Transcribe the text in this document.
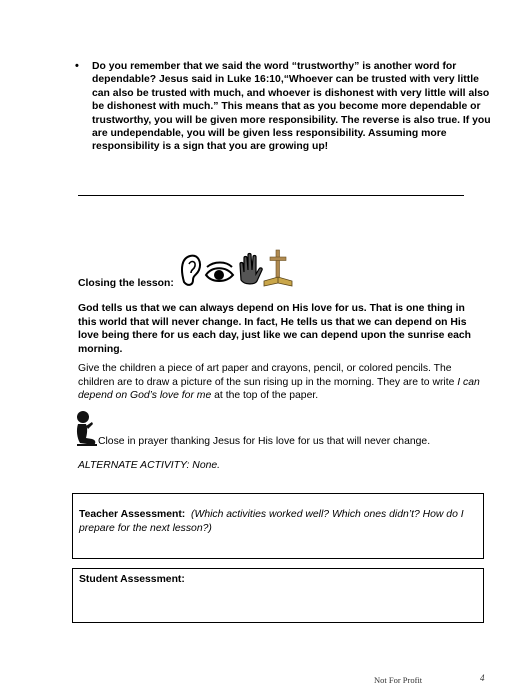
• Do you remember that we said the word “trustworthy” is another word for dependable? Jesus said in Luke 16:10,“Whoever can be trusted with very little can also be trusted with much, and whoever is dishonest with very little will also be dishonest with much.” This means that as you become more dependable or trustworthy, you will be given more responsibility. The reverse is also true. If you are undependable, you will be given less responsibility. Assuming more responsibility is a sign that you are growing up!
Closing the lesson:
God tells us that we can always depend on His love for us. That is one thing in this world that will never change. In fact, He tells us that we can depend on His love being there for us each day, just like we can depend upon the sunrise each morning.
Give the children a piece of art paper and crayons, pencil, or colored pencils. The children are to draw a picture of the sun rising up in the morning. They are to write I can depend on God’s love for me at the top of the paper.
Close in prayer thanking Jesus for His love for us that will never change.
ALTERNATE ACTIVITY: None.
Teacher Assessment: (Which activities worked well? Which ones didn’t? How do I prepare for the next lesson?)
Student Assessment:
Not For Profit	4
